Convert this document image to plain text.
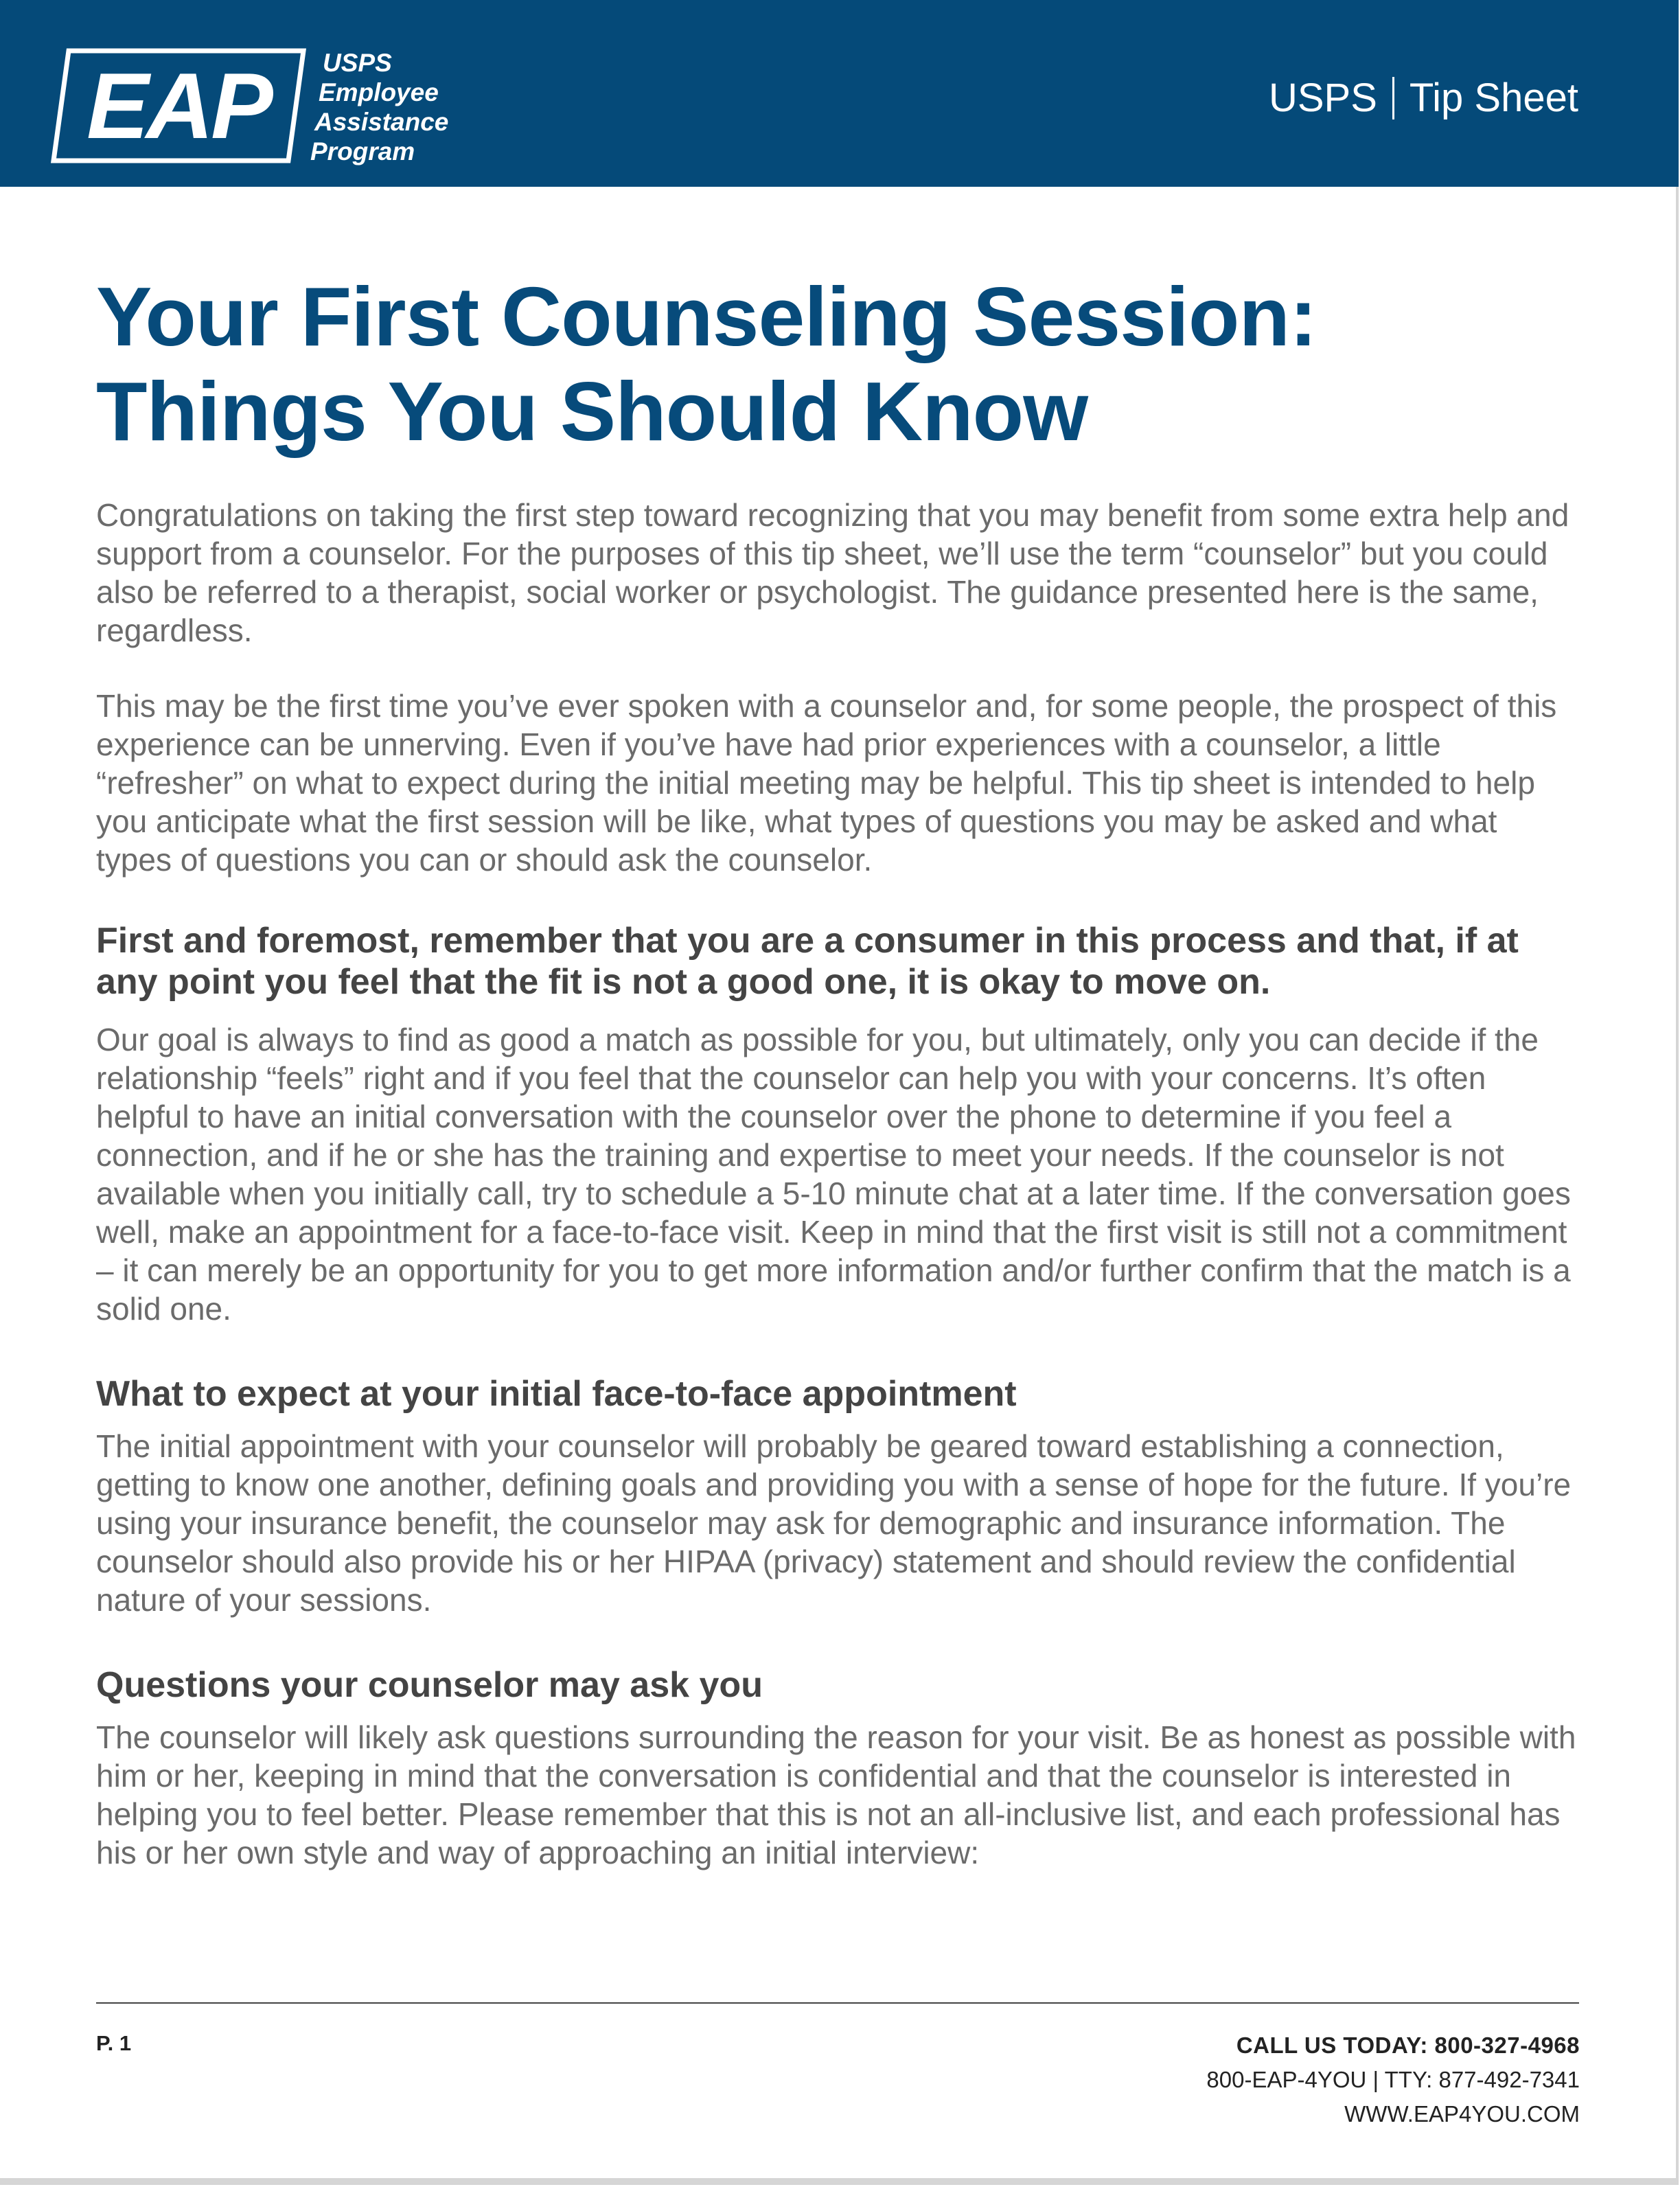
EAP	USPS
Employee
Assistance
Program
USPS Tip Sheet
Your First Counseling Session:
Things You Should Know

Congratulations on taking the first step toward recognizing that you may benefit from some extra help and support from a counselor. For the purposes of this tip sheet, we’ll use the term “counselor” but you could also be referred to a therapist, social worker or psychologist. The guidance presented here is the same, regardless.

This may be the first time you’ve ever spoken with a counselor and, for some people, the prospect of this experience can be unnerving. Even if you’ve have had prior experiences with a counselor, a little “refresher” on what to expect during the initial meeting may be helpful. This tip sheet is intended to help you anticipate what the first session will be like, what types of questions you may be asked and what types of questions you can or should ask the counselor.

First and foremost, remember that you are a consumer in this process and that, if at any point you feel that the fit is not a good one, it is okay to move on.

Our goal is always to find as good a match as possible for you, but ultimately, only you can decide if the relationship “feels” right and if you feel that the counselor can help you with your concerns. It’s often helpful to have an initial conversation with the counselor over the phone to determine if you feel a connection, and if he or she has the training and expertise to meet your needs. If the counselor is not available when you initially call, try to schedule a 5-10 minute chat at a later time. If the conversation goes well, make an appointment for a face-to-face visit. Keep in mind that the first visit is still not a commitment – it can merely be an opportunity for you to get more information and/or further confirm that the match is a solid one.

What to expect at your initial face-to-face appointment

The initial appointment with your counselor will probably be geared toward establishing a connection, getting to know one another, defining goals and providing you with a sense of hope for the future. If you’re using your insurance benefit, the counselor may ask for demographic and insurance information. The counselor should also provide his or her HIPAA (privacy) statement and should review the confidential nature of your sessions.

Questions your counselor may ask you

The counselor will likely ask questions surrounding the reason for your visit. Be as honest as possible with him or her, keeping in mind that the conversation is confidential and that the counselor is interested in helping you to feel better. Please remember that this is not an all-inclusive list, and each professional has his or her own style and way of approaching an initial interview:

P. 1	CALL US TODAY: 800-327-4968
800-EAP-4YOU | TTY: 877-492-7341
WWW.EAP4YOU.COM
